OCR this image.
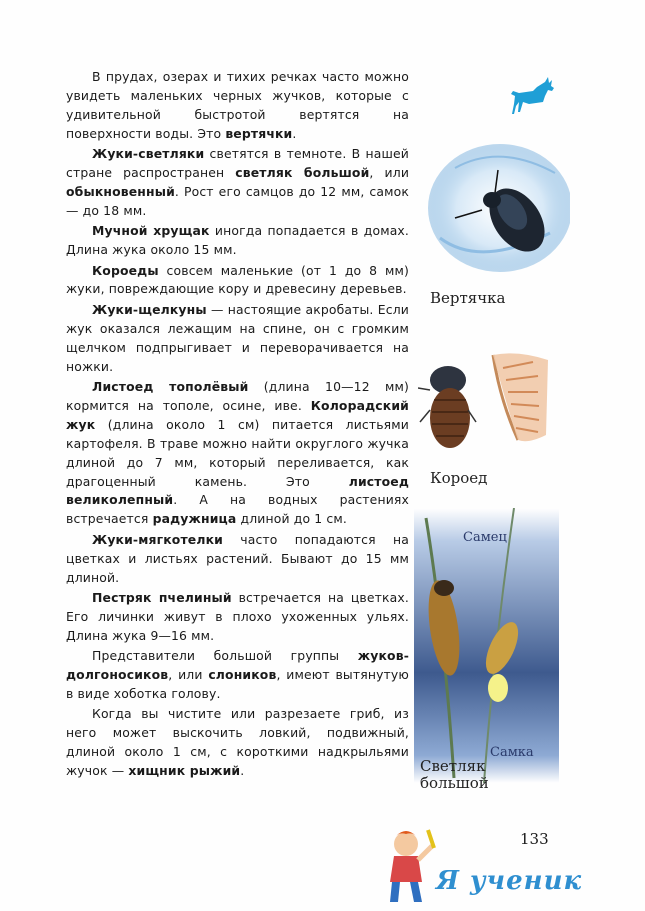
В прудах, озерах и тихих речках часто можно увидеть маленьких черных жучков, которые с удивительной быстротой вертятся на поверхности воды. Это вертячки.

Жуки-светляки светятся в темноте. В нашей стране распространен светляк большой, или обыкновенный. Рост его самцов до 12 мм, самок — до 18 мм.

Мучной хрущак иногда попадается в домах. Длина жука около 15 мм.

Короеды совсем маленькие (от 1 до 8 мм) жуки, повреждающие кору и древесину деревьев.

Жуки-щелкуны — настоящие акробаты. Если жук оказался лежащим на спине, он с громким щелчком подпрыгивает и переворачивается на ножки.

Листоед тополёвый (длина 10—12 мм) кормится на тополе, осине, иве. Колорадский жук (длина около 1 см) питается листьями картофеля. В траве можно найти округлого жучка длиной до 7 мм, который переливается, как драгоценный камень. Это листоед великолепный. А на водных растениях встречается радужница длиной до 1 см.

Жуки-мягкотелки часто попадаются на цветках и листьях растений. Бывают до 15 мм длиной.

Пестряк пчелиный встречается на цветках. Его личинки живут в плохо ухоженных ульях. Длина жука 9—16 мм.

Представители большой группы жуков-долгоносиков, или слоников, имеют вытянутую в виде хоботка голову.

Когда вы чистите или разрезаете гриб, из него может выскочить ловкий, подвижный, длиной около 1 см, с короткими надкрыльями жучок — хищник рыжий.

Вертячка
Короед
Самец
Самка
Светляк
большой
133
Я ученик
